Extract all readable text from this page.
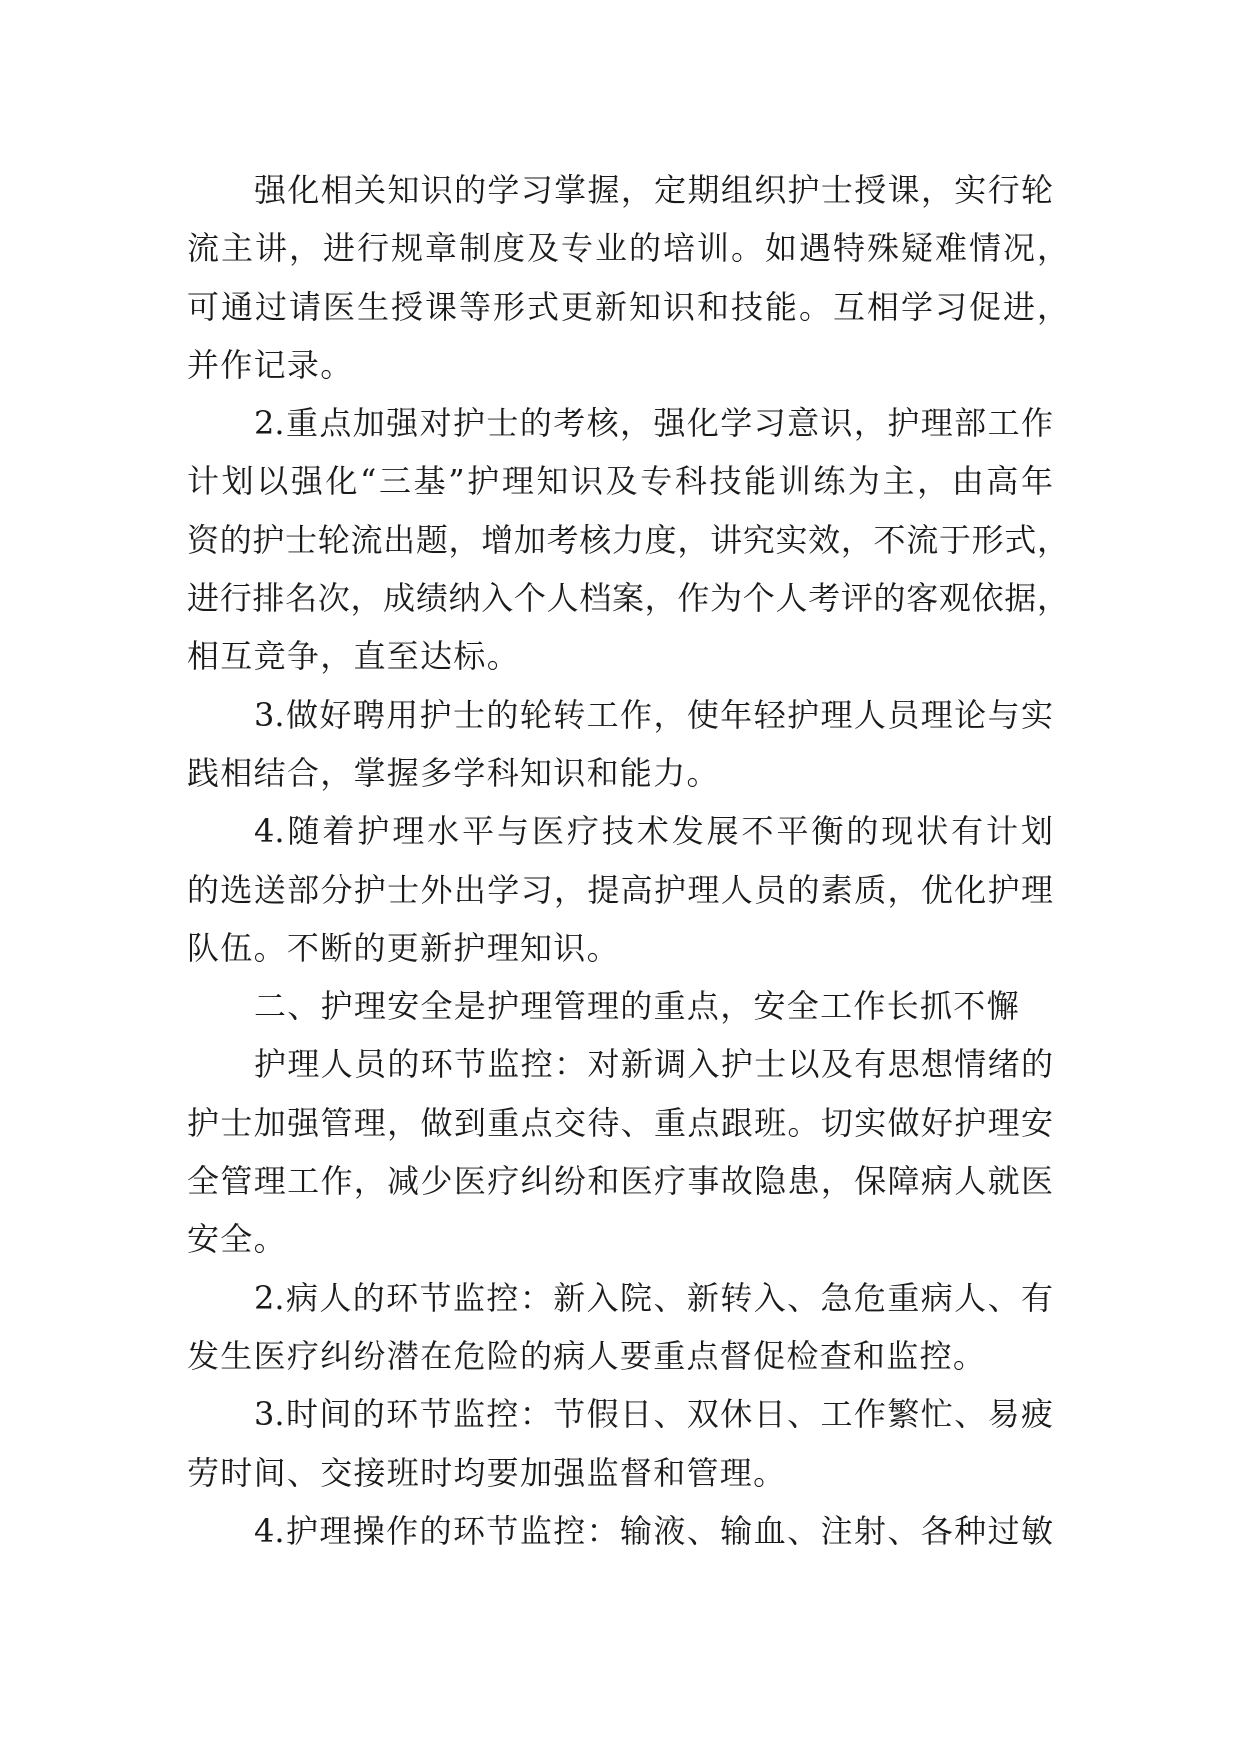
强化相关知识的学习掌握，定期组织护士授课，实行轮
流主讲，进行规章制度及专业的培训。如遇特殊疑难情况，
可通过请医生授课等形式更新知识和技能。互相学习促进，
并作记录。
2.重点加强对护士的考核，强化学习意识，护理部工作
计划以强化“三基”护理知识及专科技能训练为主，由高年
资的护士轮流出题，增加考核力度，讲究实效，不流于形式，
进行排名次，成绩纳入个人档案，作为个人考评的客观依据，
相互竞争，直至达标。
3.做好聘用护士的轮转工作，使年轻护理人员理论与实
践相结合，掌握多学科知识和能力。
4.随着护理水平与医疗技术发展不平衡的现状有计划
的选送部分护士外出学习，提高护理人员的素质，优化护理
队伍。不断的更新护理知识。
二、护理安全是护理管理的重点，安全工作长抓不懈
护理人员的环节监控：对新调入护士以及有思想情绪的
护士加强管理，做到重点交待、重点跟班。切实做好护理安
全管理工作，减少医疗纠纷和医疗事故隐患，保障病人就医
安全。
2.病人的环节监控：新入院、新转入、急危重病人、有
发生医疗纠纷潜在危险的病人要重点督促检查和监控。
3.时间的环节监控：节假日、双休日、工作繁忙、易疲
劳时间、交接班时均要加强监督和管理。
4.护理操作的环节监控：输液、输血、注射、各种过敏
